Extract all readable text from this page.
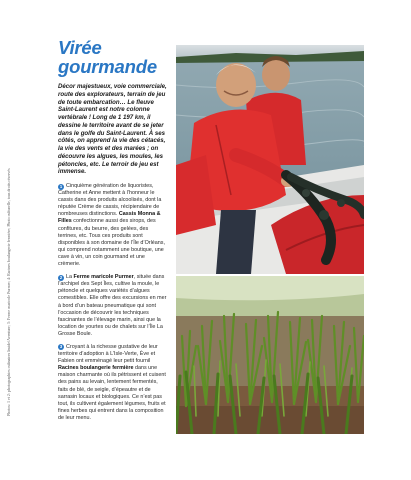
Photos: 1 et 2: photographies culinaires Inside/Aventure; 3: Ferme maricole Purmer; 4: Racines boulangerie fermière; Photo culturelle, tous droits réservés
Virée
gourmande

Décor majestueux, voie commerciale, route des explorateurs, terrain de jeu de toute embarcation… Le fleuve Saint-Laurent est notre colonne vertébrale ! Long de 1 197 km, il dessine le territoire avant de se jeter dans le golfe du Saint-Laurent. À ses côtés, on apprend la vie des cétacés, la vie des vents et des marées ; on découvre les algues, les moules, les pétoncles, etc. Le terroir de jeu est immense.

1 Cinquième génération de liquoristes, Catherine et Anne mettent à l’honneur le cassis dans des produits alcoolisés, dont la réputée Crème de cassis, récipiendaire de nombreuses distinctions. Cassis Monna & Filles confectionne aussi des sirops, des confitures, du beurre, des gelées, des terrines, etc. Tous ces produits sont disponibles à son domaine de l’Île d’Orléans, qui comprend notamment une boutique, une cave à vin, un coin gourmand et une crèmerie.

2 La Ferme maricole Purmer, située dans l’archipel des Sept Îles, cultive la moule, le pétoncle et quelques variétés d’algues comestibles. Elle offre des excursions en mer à bord d’un bateau pneumatique qui sont l’occasion de découvrir les techniques fascinantes de l’élevage marin, ainsi que la location de yourtes ou de chalets sur l’Île La Grosse Boule.

3 Croyant à la richesse gustative de leur territoire d’adoption à L’Isle-Verte, Ève et Fabien ont emménagé leur petit fournil Racines boulangerie fermière dans une maison charmante où ils pétrissent et cuisent des pains au levain, lentement fermentés, faits de blé, de seigle, d’épeautre et de sarrasin locaux et biologiques. Ce n’est pas tout, ils cultivent également légumes, fruits et fines herbes qui entrent dans la composition de leur menu.
